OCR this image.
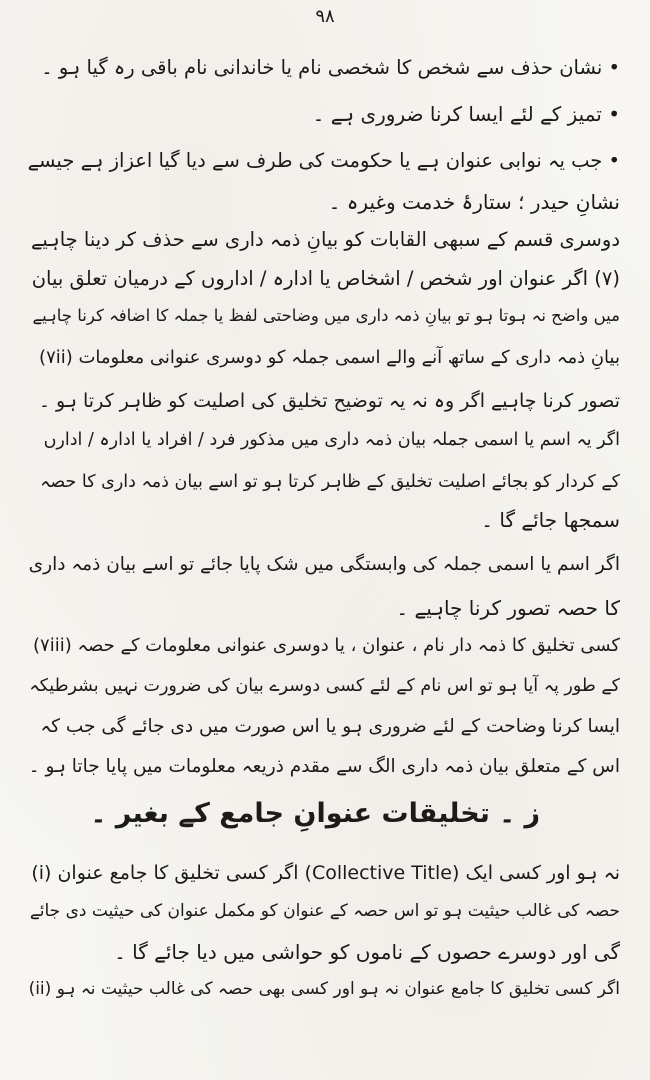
۹۸
• نشان حذف سے شخص کا شخصی نام یا خاندانی نام باقی رہ گیا ہو ۔
• تمیز کے لئے ایسا کرنا ضروری ہے ۔
• جب یہ نوابی عنوان ہے یا حکومت کی طرف سے دیا گیا اعزاز ہے جیسے
نشانِ حیدر ؛ ستارۂ خدمت وغیرہ ۔
دوسری قسم کے سبھی القابات کو بیانِ ذمہ داری سے حذف کر دینا چاہیے
(۷) اگر عنوان اور شخص / اشخاص یا ادارہ / اداروں کے درمیان تعلق بیان
میں واضح نہ ہوتا ہو تو بیانِ ذمہ داری میں وضاحتی لفظ یا جملہ کا اضافہ کرنا چاہیے
(۷ii) بیانِ ذمہ داری کے ساتھ آنے والے اسمی جملہ کو دوسری عنوانی معلومات
تصور کرنا چاہیے اگر وہ نہ یہ توضیح تخلیق کی اصلیت کو ظاہر کرتا ہو ۔
اگر یہ اسم یا اسمی جملہ بیان ذمہ داری میں مذکور فرد / افراد یا ادارہ / ادارں
کے کردار کو بجائے اصلیت تخلیق کے ظاہر کرتا ہو تو اسے بیان ذمہ داری کا حصہ
سمجھا جائے گا ۔
اگر اسم یا اسمی جملہ کی وابستگی میں شک پایا جائے تو اسے بیان ذمہ داری
کا حصہ تصور کرنا چاہیے ۔
(۷iii) کسی تخلیق کا ذمہ دار نام ، عنوان ، یا دوسری عنوانی معلومات کے حصہ
کے طور پہ آیا ہو تو اس نام کے لئے کسی دوسرے بیان کی ضرورت نہیں بشرطیکہ
ایسا کرنا وضاحت کے لئے ضروری ہو یا اس صورت میں دی جائے گی جب کہ
اس کے متعلق بیان ذمہ داری الگ سے مقدم ذریعہ معلومات میں پایا جاتا ہو ۔
ز ۔ تخلیقات عنوانِ جامع کے بغیر ۔
(i) اگر کسی تخلیق کا جامع عنوان (Collective Title) نہ ہو اور کسی ایک
حصہ کی غالب حیثیت ہو تو اس حصہ کے عنوان کو مکمل عنوان کی حیثیت دی جائے
گی اور دوسرے حصوں کے ناموں کو حواشی میں دیا جائے گا ۔
(ii) اگر کسی تخلیق کا جامع عنوان نہ ہو اور کسی بھی حصہ کی غالب حیثیت نہ ہو
